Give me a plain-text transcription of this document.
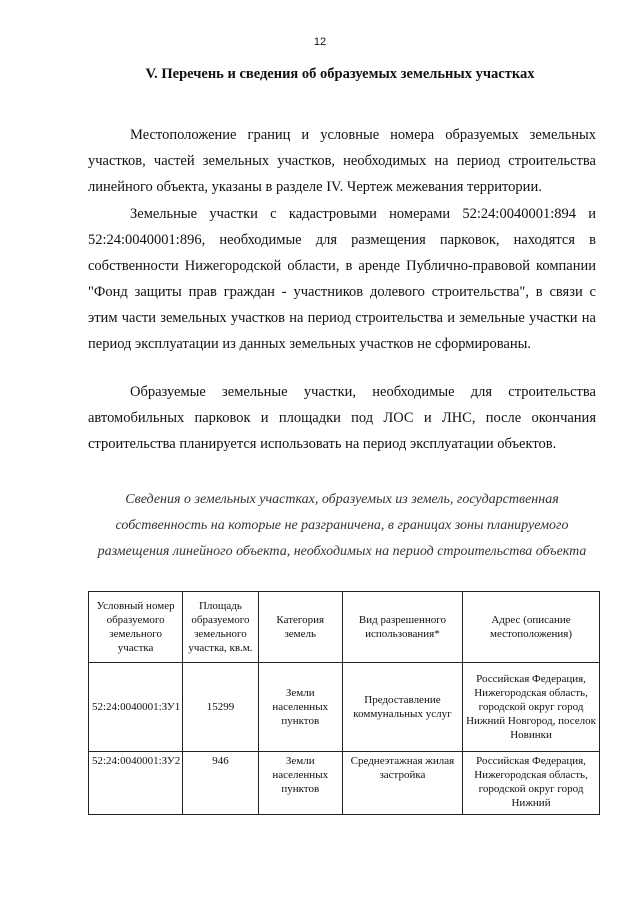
12
V. Перечень и сведения об образуемых земельных участках

Местоположение границ и условные номера образуемых земельных участков, частей земельных участков, необходимых на период строительства линейного объекта, указаны в разделе IV. Чертеж межевания территории.

Земельные участки с кадастровыми номерами 52:24:0040001:894 и 52:24:0040001:896, необходимые для размещения парковок, находятся в собственности Нижегородской области, в аренде Публично-правовой компании "Фонд защиты прав граждан - участников долевого строительства", в связи с этим части земельных участков на период строительства и земельные участки на период эксплуатации из данных земельных участков не сформированы.

Образуемые земельные участки, необходимые для строительства автомобильных парковок и площадки под ЛОС и ЛНС, после окончания строительства планируется использовать на период эксплуатации объектов.

Сведения о земельных участках, образуемых из земель, государственная собственность на которые не разграничена, в границах зоны планируемого размещения линейного объекта, необходимых на период строительства объекта
Условный номер образуемого земельного участка	Площадь образуемого земельного участка, кв.м.	Категория земель	Вид разрешенного использования*	Адрес (описание местоположения)
52:24:0040001:ЗУ1	15299	Земли населенных пунктов	Предоставление коммунальных услуг	Российская Федерация, Нижегородская область, городской округ город Нижний Новгород, поселок Новинки
52:24:0040001:ЗУ2	946	Земли населенных пунктов	Среднеэтажная жилая застройка	Российская Федерация, Нижегородская область, городской округ город Нижний
